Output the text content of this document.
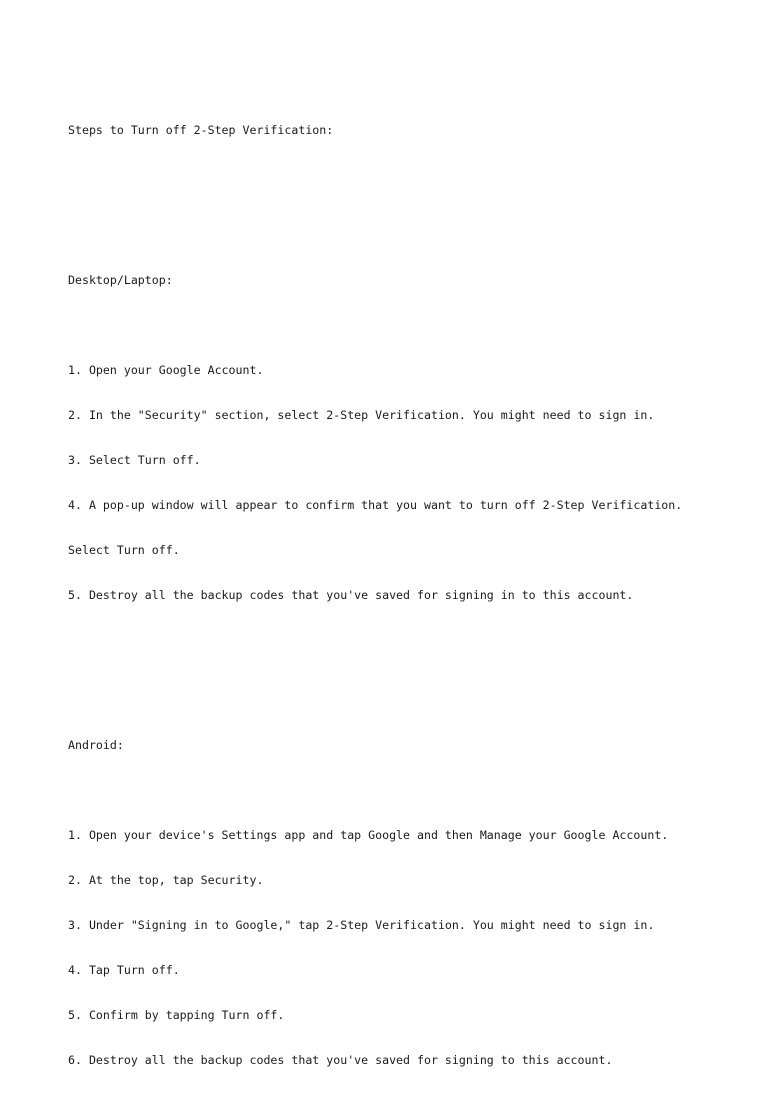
Steps to Turn off 2-Step Verification:

Desktop/Laptop:

1. Open your Google Account.

2. In the "Security" section, select 2-Step Verification. You might need to sign in.

3. Select Turn off.

4. A pop-up window will appear to confirm that you want to turn off 2-Step Verification.

Select Turn off.

5. Destroy all the backup codes that you've saved for signing in to this account.

Android:

1. Open your device's Settings app and tap Google and then Manage your Google Account.

2. At the top, tap Security.

3. Under "Signing in to Google," tap 2-Step Verification. You might need to sign in.

4. Tap Turn off.

5. Confirm by tapping Turn off.

6. Destroy all the backup codes that you've saved for signing to this account.
